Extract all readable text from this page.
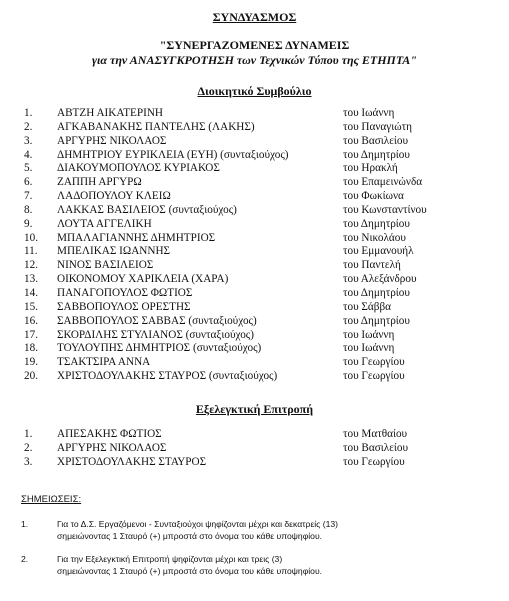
ΣΥΝΔΥΑΣΜΟΣ
"ΣΥΝΕΡΓΑΖΟΜΕΝΕΣ ΔΥΝΑΜΕΙΣ
για την ΑΝΑΣΥΓΚΡΟΤΗΣΗ των Τεχνικών Τύπου της ΕΤΗΠΤΑ"
Διοικητικό Συμβούλιο
1.	ΑΒΤΖΗ ΑΙΚΑΤΕΡΙΝΗ	του Ιωάννη
2.	ΑΓΚΑΒΑΝΑΚΗΣ ΠΑΝΤΕΛΗΣ (ΛΑΚΗΣ)	του Παναγιώτη
3.	ΑΡΓΥΡΗΣ ΝΙΚΟΛΑΟΣ	του Βασιλείου
4.	ΔΗΜΗΤΡΙΟΥ ΕΥΡΙΚΛΕΙΑ (ΕΥΗ) (συνταξιούχος)	του Δημητρίου
5.	ΔΙΑΚΟΥΜΟΠΟΥΛΟΣ ΚΥΡΙΑΚΟΣ	του Ηρακλή
6.	ΖΑΠΠΗ ΑΡΓΥΡΩ	του Επαμεινώνδα
7.	ΛΑΔΟΠΟΥΛΟΥ ΚΛΕΙΩ	του Φωκίωνα
8.	ΛΑΚΚΑΣ ΒΑΣΙΛΕΙΟΣ (συνταξιούχος)	του Κωνσταντίνου
9.	ΛΟΥΤΑ ΑΓΓΕΛΙΚΗ	του Δημητρίου
10.	ΜΠΑΛΑΓΙΑΝΝΗΣ ΔΗΜΗΤΡΙΟΣ	του Νικολάου
11.	ΜΠΕΛΙΚΑΣ ΙΩΑΝΝΗΣ	του Εμμανουήλ
12.	ΝΙΝΟΣ ΒΑΣΙΛΕΙΟΣ	του Παντελή
13.	ΟΙΚΟΝΟΜΟΥ ΧΑΡΙΚΛΕΙΑ (ΧΑΡΑ)	του Αλεξάνδρου
14.	ΠΑΝΑΓΟΠΟΥΛΟΣ ΦΩΤΙΟΣ	του Δημητρίου
15.	ΣΑΒΒΟΠΟΥΛΟΣ ΟΡΕΣΤΗΣ	του Σάββα
16.	ΣΑΒΒΟΠΟΥΛΟΣ ΣΑΒΒΑΣ (συνταξιούχος)	του Δημητρίου
17.	ΣΚΟΡΔΙΛΗΣ ΣΤΥΛΙΑΝΟΣ (συνταξιούχος)	του Ιωάννη
18.	ΤΟΥΛΟΥΠΗΣ ΔΗΜΗΤΡΙΟΣ (συνταξιούχος)	του Ιωάννη
19.	ΤΣΑΚΤΣΙΡΑ ΑΝΝΑ	του Γεωργίου
20.	ΧΡΙΣΤΟΔΟΥΛΑΚΗΣ ΣΤΑΥΡΟΣ (συνταξιούχος)	του Γεωργίου
Εξελεγκτική Επιτροπή
1.	ΑΠΕΣΑΚΗΣ ΦΩΤΙΟΣ	του Ματθαίου
2.	ΑΡΓΥΡΗΣ ΝΙΚΟΛΑΟΣ	του Βασιλείου
3.	ΧΡΙΣΤΟΔΟΥΛΑΚΗΣ ΣΤΑΥΡΟΣ	του Γεωργίου
ΣΗΜΕΙΩΣΕΙΣ:
1.	Για το Δ.Σ. Εργαζόμενοι - Συνταξιούχοι ψηφίζονται μέχρι και δεκατρείς (13)
σημειώνοντας 1 Σταυρό (+) μπροστά στο όνομα του κάθε υποψηφίου.
2.	Για την Εξελεγκτική Επιτροπή ψηφίζονται μέχρι και τρεις (3)
σημειώνοντας 1 Σταυρό (+) μπροστά στο όνομα του κάθε υποψηφίου.
